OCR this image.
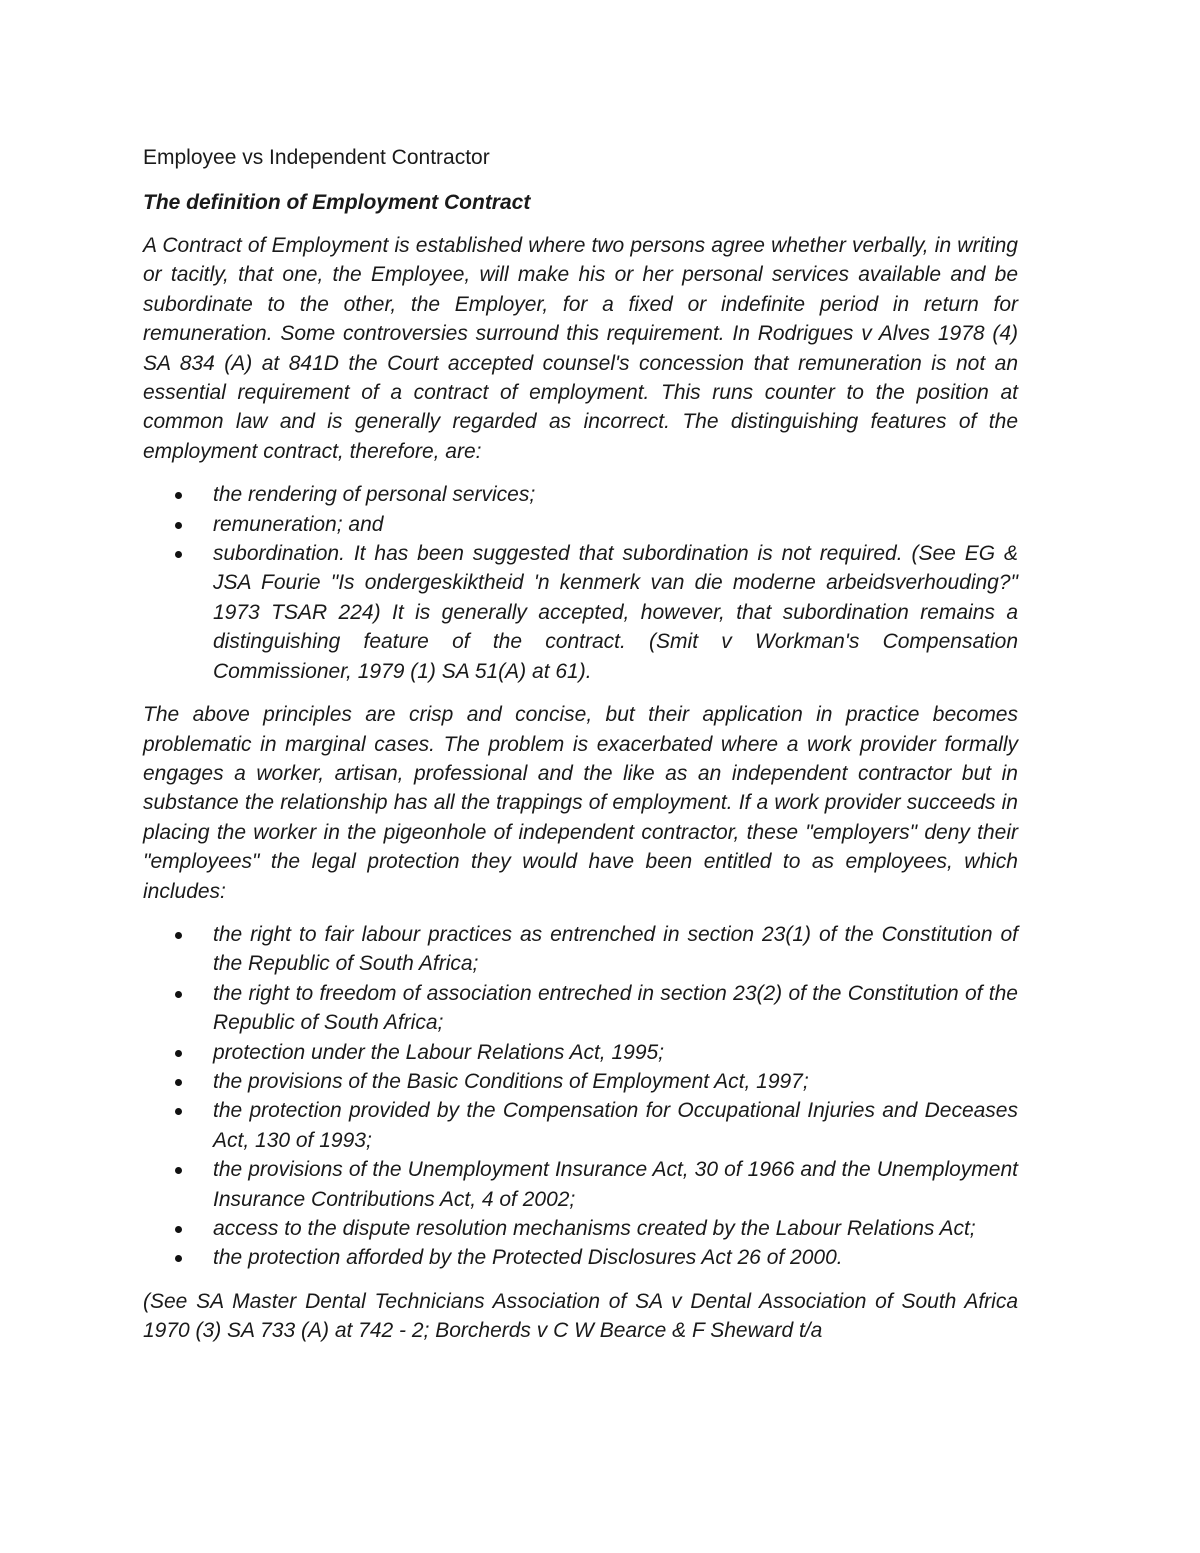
Employee vs Independent Contractor
The definition of Employment Contract

A Contract of Employment is established where two persons agree whether verbally, in writing or tacitly, that one, the Employee, will make his or her personal services available and be subordinate to the other, the Employer, for a fixed or indefinite period in return for remuneration. Some controversies surround this requirement. In Rodrigues v Alves 1978 (4) SA 834 (A) at 841D the Court accepted counsel's concession that remuneration is not an essential requirement of a contract of employment. This runs counter to the position at common law and is generally regarded as incorrect. The distinguishing features of the employment contract, therefore, are:

the rendering of personal services;
remuneration; and
subordination. It has been suggested that subordination is not required. (See EG & JSA Fourie "Is ondergeskiktheid 'n kenmerk van die moderne arbeidsverhouding?" 1973 TSAR 224) It is generally accepted, however, that subordination remains a distinguishing feature of the contract. (Smit v Workman's Compensation Commissioner, 1979 (1) SA 51(A) at 61).

The above principles are crisp and concise, but their application in practice becomes problematic in marginal cases. The problem is exacerbated where a work provider formally engages a worker, artisan, professional and the like as an independent contractor but in substance the relationship has all the trappings of employment. If a work provider succeeds in placing the worker in the pigeonhole of independent contractor, these "employers" deny their "employees" the legal protection they would have been entitled to as employees, which includes:

the right to fair labour practices as entrenched in section 23(1) of the Constitution of the Republic of South Africa;
the right to freedom of association entreched in section 23(2) of the Constitution of the Republic of South Africa;
protection under the Labour Relations Act, 1995;
the provisions of the Basic Conditions of Employment Act, 1997;
the protection provided by the Compensation for Occupational Injuries and Deceases Act, 130 of 1993;
the provisions of the Unemployment Insurance Act, 30 of 1966 and the Unemployment Insurance Contributions Act, 4 of 2002;
access to the dispute resolution mechanisms created by the Labour Relations Act;
the protection afforded by the Protected Disclosures Act 26 of 2000.

(See SA Master Dental Technicians Association of SA v Dental Association of South Africa 1970 (3) SA 733 (A) at 742 - 2; Borcherds v C W Bearce & F Sheward t/a
